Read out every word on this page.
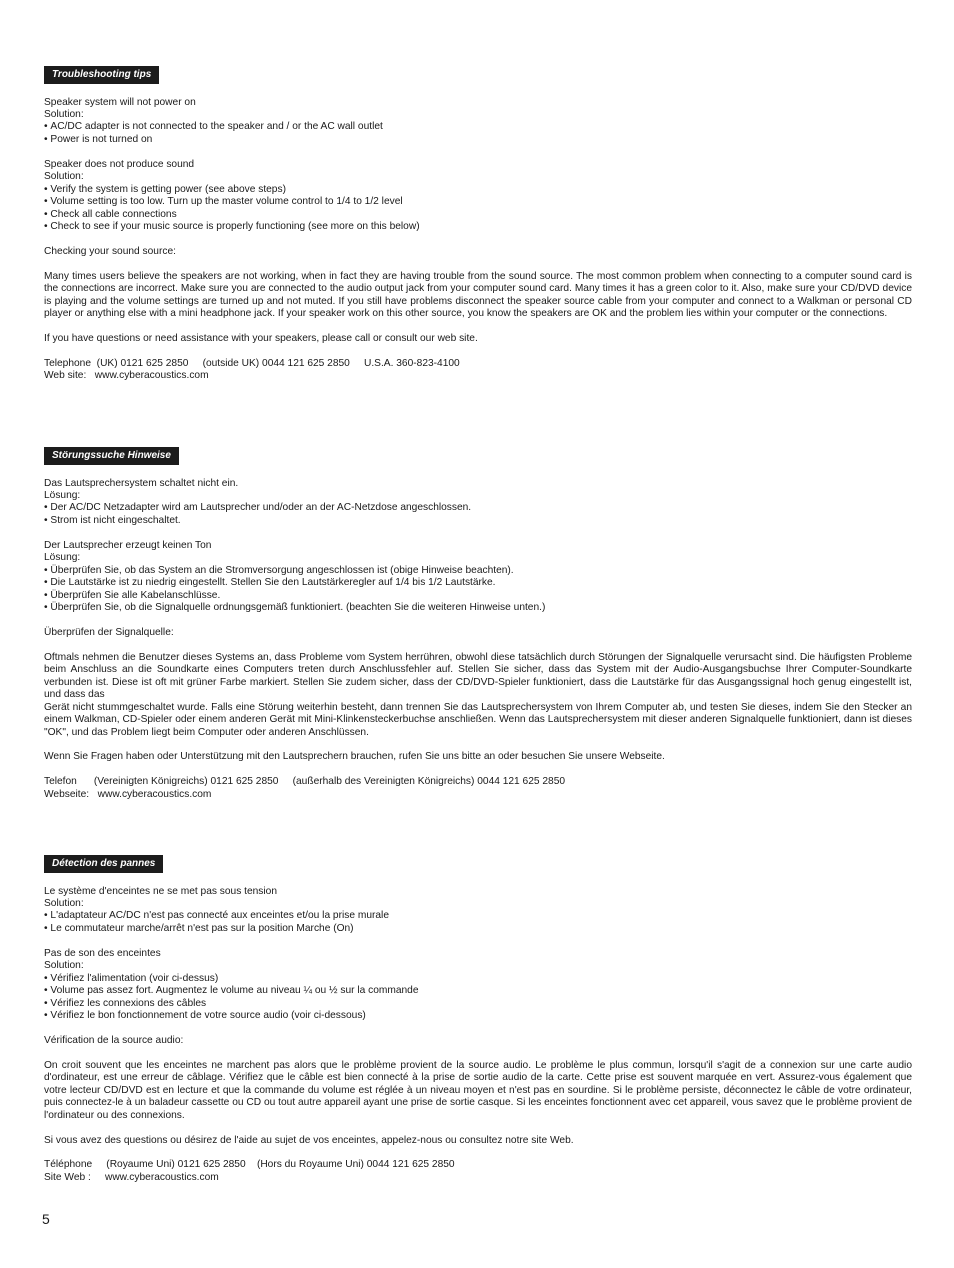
Troubleshooting tips
Speaker system will not power on
Solution:
• AC/DC adapter is not connected to the speaker and / or the AC wall outlet
• Power is not turned on
Speaker does not produce sound
Solution:
• Verify the system is getting power (see above steps)
• Volume setting is too low. Turn up the master volume control to 1/4 to 1/2 level
• Check all cable connections
• Check to see if your music source is properly functioning (see more on this below)
Checking your sound source:
Many times users believe the speakers are not working, when in fact they are having trouble from the sound source. The most common problem when connecting to a computer sound card is the connections are incorrect. Make sure you are connected to the audio output jack from your computer sound card. Many times it has a green color to it. Also, make sure your CD/DVD device is playing and the volume settings are turned up and not muted. If you still have problems disconnect the speaker source cable from your computer and connect to a Walkman or personal CD player or anything else with a mini headphone jack. If your speaker work on this other source, you know the speakers are OK and the problem lies within your computer or the connections.
If you have questions or need assistance with your speakers, please call or consult our web site.
Telephone  (UK) 0121 625 2850     (outside UK) 0044 121 625 2850     U.S.A. 360-823-4100
Web site:   www.cyberacoustics.com
Störungssuche Hinweise
Das Lautsprechersystem schaltet nicht ein.
Lösung:
• Der AC/DC Netzadapter wird am Lautsprecher und/oder an der AC-Netzdose angeschlossen.
• Strom ist nicht eingeschaltet.
Der Lautsprecher erzeugt keinen Ton
Lösung:
• Überprüfen Sie, ob das System an die Stromversorgung angeschlossen ist (obige Hinweise beachten).
• Die Lautstärke ist zu niedrig eingestellt. Stellen Sie den Lautstärkeregler auf 1/4 bis 1/2 Lautstärke.
• Überprüfen Sie alle Kabelanschlüsse.
• Überprüfen Sie, ob die Signalquelle ordnungsgemäß funktioniert. (beachten Sie die weiteren Hinweise unten.)
Überprüfen der Signalquelle:
Oftmals nehmen die Benutzer dieses Systems an, dass Probleme vom System herrühren, obwohl diese tatsächlich durch Störungen der Signalquelle verursacht sind. Die häufigsten Probleme beim Anschluss an die Soundkarte eines Computers treten durch Anschlussfehler auf. Stellen Sie sicher, dass das System mit der Audio-Ausgangsbuchse Ihrer Computer-Soundkarte verbunden ist. Diese ist oft mit grüner Farbe markiert. Stellen Sie zudem sicher, dass der CD/DVD-Spieler funktioniert, dass die Lautstärke für das Ausgangssignal hoch genug eingestellt ist, und dass das
Gerät nicht stummgeschaltet wurde. Falls eine Störung weiterhin besteht, dann trennen Sie das Lautsprechersystem von Ihrem Computer ab, und testen Sie dieses, indem Sie den Stecker an einem Walkman, CD-Spieler oder einem anderen Gerät mit Mini-Klinkensteckerbuchse anschließen. Wenn das Lautsprechersystem mit dieser anderen Signalquelle funktioniert, dann ist dieses "OK", und das Problem liegt beim Computer oder anderen Anschlüssen.
Wenn Sie Fragen haben oder Unterstützung mit den Lautsprechern brauchen, rufen Sie uns bitte an oder besuchen Sie unsere Webseite.
Telefon      (Vereinigten Königreichs) 0121 625 2850     (außerhalb des Vereinigten Königreichs) 0044 121 625 2850
Webseite:   www.cyberacoustics.com
Détection des pannes
Le système d'enceintes ne se met pas sous tension
Solution:
• L'adaptateur AC/DC n'est pas connecté aux enceintes et/ou la prise murale
• Le commutateur marche/arrêt n'est pas sur la position Marche (On)
Pas de son des enceintes
Solution:
• Vérifiez l'alimentation (voir ci-dessus)
• Volume pas assez fort. Augmentez le volume au niveau ¼ ou ½ sur la commande
• Vérifiez les connexions des câbles
• Vérifiez le bon fonctionnement de votre source audio (voir ci-dessous)
Vérification de la source audio:
On croit souvent que les enceintes ne marchent pas alors que le problème provient de la source audio. Le problème le plus commun, lorsqu'il s'agit de a connexion sur une carte audio d'ordinateur, est une erreur de câblage. Vérifiez que le câble est bien connecté à la prise de sortie audio de la carte. Cette prise est souvent marquée en vert. Assurez-vous également que votre lecteur CD/DVD est en lecture et que la commande du volume est réglée à un niveau moyen et n'est pas en sourdine. Si le problème persiste, déconnectez le câble de votre ordinateur, puis connectez-le à un baladeur cassette ou CD ou tout autre appareil ayant une prise de sortie casque. Si les enceintes fonctionnent avec cet appareil, vous savez que le problème provient de l'ordinateur ou des connexions.
Si vous avez des questions ou désirez de l'aide au sujet de vos enceintes, appelez-nous ou consultez notre site Web.
Téléphone     (Royaume Uni) 0121 625 2850    (Hors du Royaume Uni) 0044 121 625 2850
Site Web :     www.cyberacoustics.com
5
